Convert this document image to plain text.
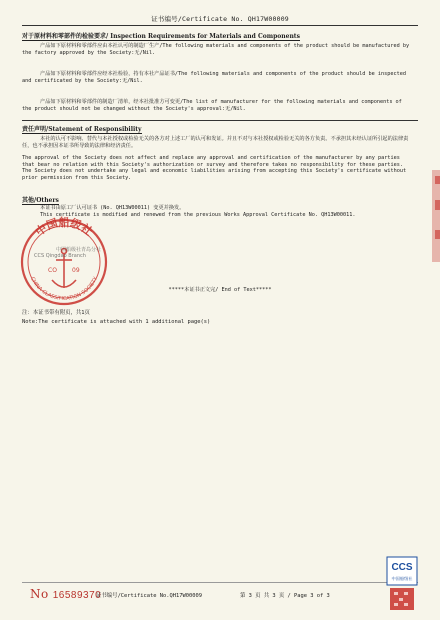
证书编号/Certificate No. QH17W00009
对于原材料和零部件的检验要求/ Inspection Requirements for Materials and Components
产品如下原材料和零部件应由本社认可的制造厂生产/The following materials and components of the product should be manufactured by the factory approved by the Society:无/Nil.
产品如下原材料和零部件应经本社检验，持有本社产品证书/The following materials and components of the product should be inspected and certificated by the Society:无/Nil.
产品如下原材料和零部件的制造厂清单，经本社批准方可变更/The list of manufacturer for the following materials and components of the product should not be changed without the Society's approval:无/Nil.
责任声明/Statement of Responsibility
本社的认可不影响、替代与本社授权或检验无关的各方对上述工厂的认可和发证。并且不对与本社授权或检验无关的各方负责。不承担其未经认证所引起的法律责任，也不承担因本证书所导致的法律和经济责任。
The approval of the Society does not affect and replace any approval and certification of the manufacturer by any parties that bear no relation with this Society's authorization or survey and therefore takes no responsibility for these parties. The Society does not undertake any legal and economic liabilities arising from accepting this Society's certificate without prior permission from this Society.
其他/Others
本证书由原工厂认可证书 (No. QH13W00011) 变更并换发。
This certificate is modified and renewed from the previous Works Approval Certificate No. QH13W00011.
中国船级社
CHINA CLASSIFICATION SOCIETY
CO	09
中国船级社青岛分社
CCS Qingdao Branch
*****本证书正文完/ End of Text*****
注：本证书带有附页，共1页
Note:The certificate is attached with 1 additional page(s)
No 16589370
证书编号/Certificate No.QH17W00009	第 3 页 共 3 页 / Page 3 of 3
CCS
中国船级社
